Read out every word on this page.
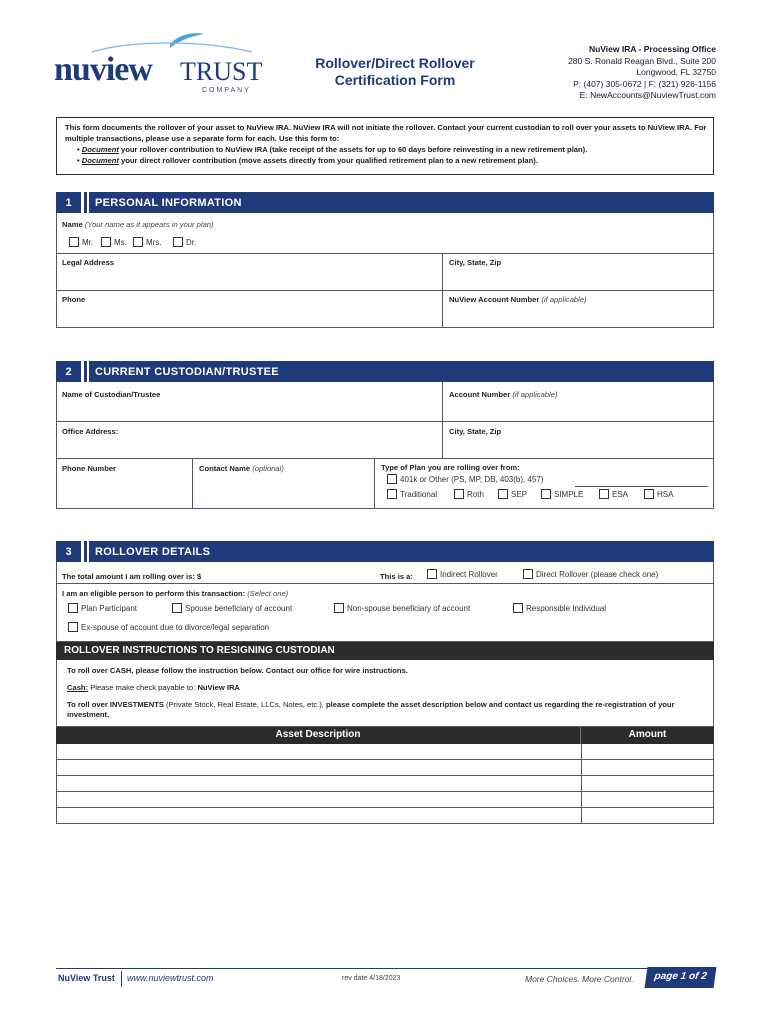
nuview TRUST
COMPANY
Rollover/Direct Rollover
Certification Form
NuView IRA - Processing Office
280 S. Ronald Reagan Blvd., Suite 200
Longwood, FL 32750
P: (407) 305-0672 | F: (321) 926-1156
E: NewAccounts@NuviewTrust.com
This form documents the rollover of your asset to NuView IRA. NuView IRA will not initiate the rollover. Contact your current custodian to roll over your assets to NuView IRA. For multiple transactions, please use a separate form for each. Use this form to:
• Document your rollover contribution to NuView IRA (take receipt of the assets for up to 60 days before reinvesting in a new retirement plan).
• Document your direct rollover contribution (move assets directly from your qualified retirement plan to a new retirement plan).
1	PERSONAL INFORMATION
Name (Your name as it appears in your plan)
Mr.	Ms.	Mrs.	Dr.
Legal Address	City, State, Zip
Phone	NuView Account Number (if applicable)
2	CURRENT CUSTODIAN/TRUSTEE
Name of Custodian/Trustee	Account Number (if applicable)
Office Address:	City, State, Zip
Phone Number	Contact Name (optional)	Type of Plan you are rolling over from:
401k or Other (PS, MP, DB, 403(b), 457)
Traditional	Roth	SEP	SIMPLE	ESA	HSA
3	ROLLOVER DETAILS
The total amount I am rolling over is: $	This is a:	Indirect Rollover	Direct Rollover (please check one)
I am an eligible person to perform this transaction: (Select one)
Plan Participant	Spouse beneficiary of account	Non-spouse beneficiary of account	Responsible Individual
Ex-spouse of account due to divorce/legal separation
ROLLOVER INSTRUCTIONS TO RESIGNING CUSTODIAN
To roll over CASH, please follow the instruction below. Contact our office for wire instructions.
Cash: Please make check payable to: NuView IRA
To roll over INVESTMENTS (Private Stock, Real Estate, LLCs, Notes, etc.), please complete the asset description below and contact us regarding the re-registration of your investment.
Asset Description	Amount
NuView Trust www.nuviewtrust.com	rev date 4/18/2023	More Choices. More Control.	page 1 of 2
